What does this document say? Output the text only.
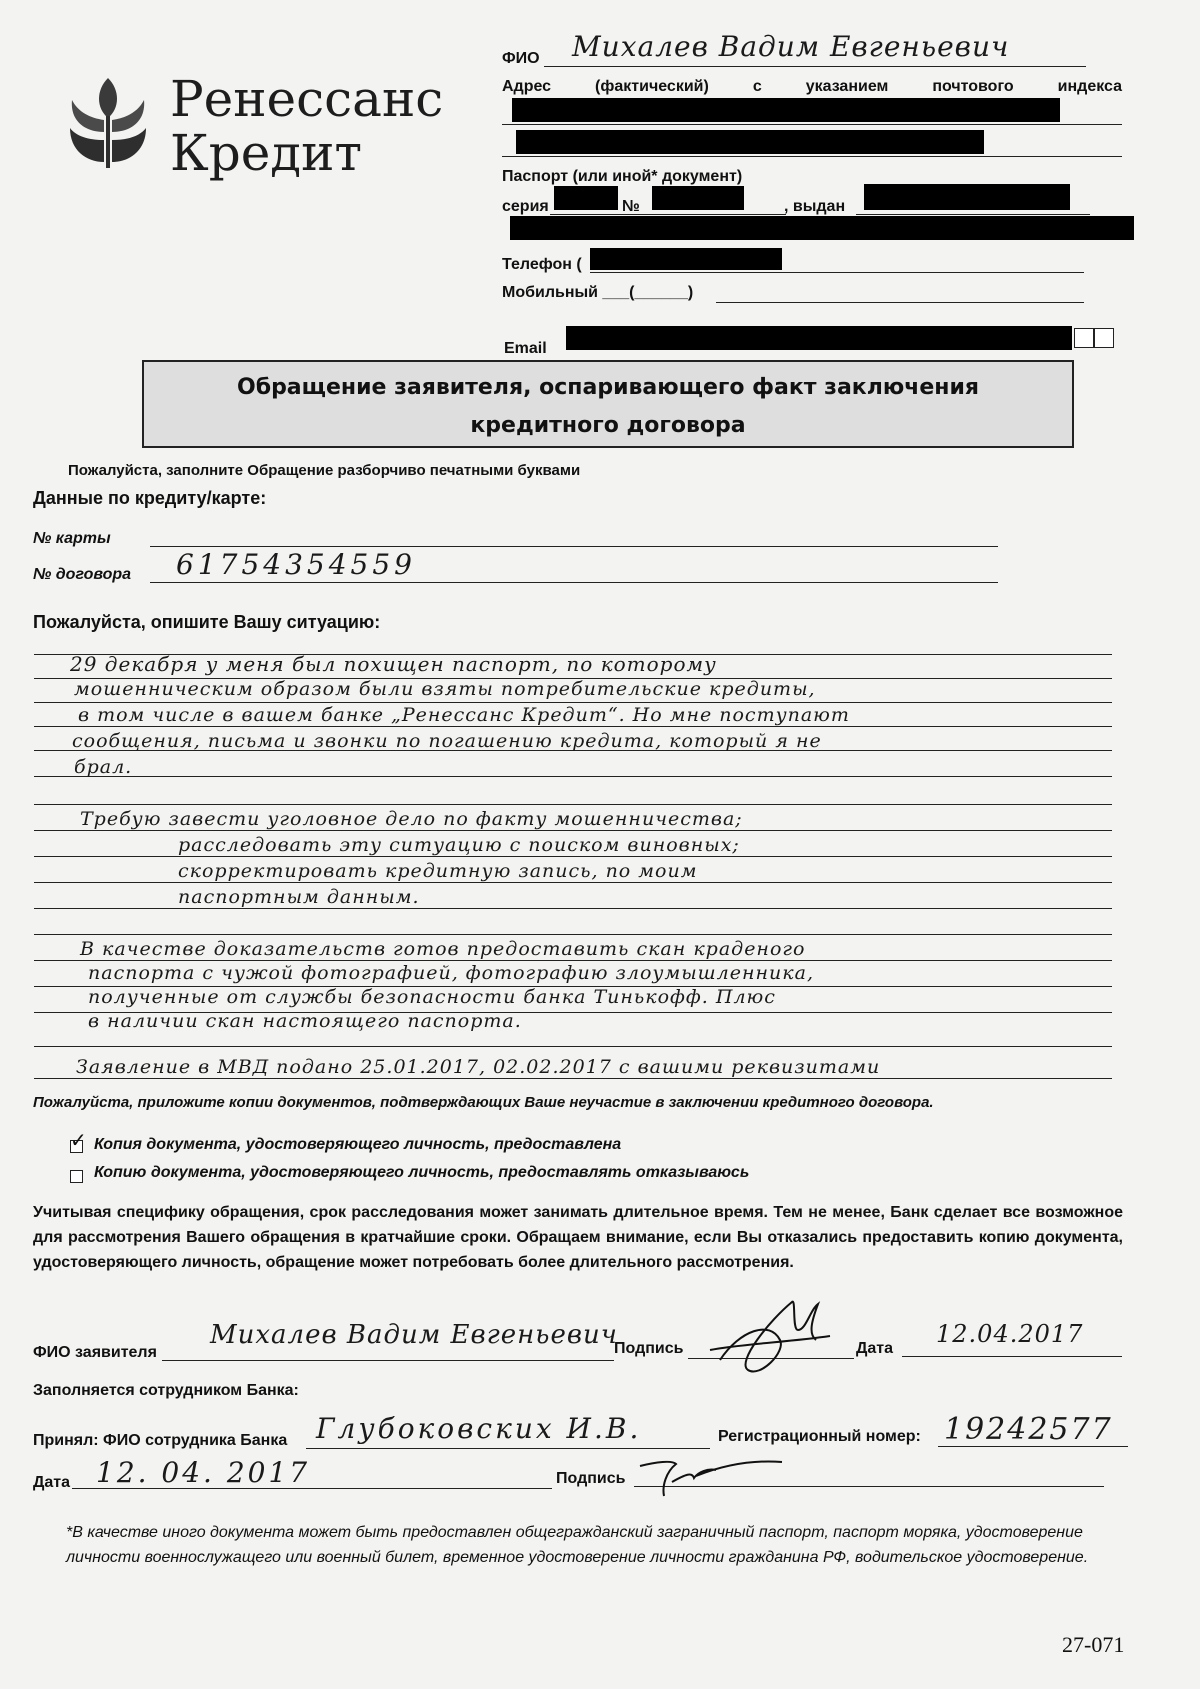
Ренессанс
Кредит
ФИО Михалев Вадим Евгеньевич
Адрес	(фактический)	с	указанием	почтового	индекса
Паспорт (или иной* документ)
серия	№	, выдан
Телефон (
Мобильный ___(______)
Email
Обращение заявителя, оспаривающего факт заключения
кредитного договора
Пожалуйста, заполните Обращение разборчиво печатными буквами
Данные по кредиту/карте:
№ карты
№ договора 61754354559
Пожалуйста, опишите Вашу ситуацию:
29 декабря у меня был похищен паспорт, по которому
мошенническим образом были взяты потребительские кредиты,
в том числе в вашем банке „Ренессанс Кредит“. Но мне поступают
сообщения, письма и звонки по погашению кредита, который я не
брал.
Требую завести уголовное дело по факту мошенничества;
расследовать эту ситуацию с поиском виновных;
скорректировать кредитную запись, по моим
паспортным данным.
В качестве доказательств готов предоставить скан краденого
паспорта с чужой фотографией, фотографию злоумышленника,
полученные от службы безопасности банка Тинькофф. Плюс
в наличии скан настоящего паспорта.
Заявление в МВД подано 25.01.2017, 02.02.2017 с вашими реквизитами
Пожалуйста, приложите копии документов, подтверждающих Ваше неучастие в заключении кредитного договора.
✓ Копия документа, удостоверяющего личность, предоставлена
Копию документа, удостоверяющего личность, предоставлять отказываюсь
Учитывая специфику обращения, срок расследования может занимать длительное время. Тем не менее, Банк сделает все возможное для рассмотрения Вашего обращения в кратчайшие сроки. Обращаем внимание, если Вы отказались предоставить копию документа, удостоверяющего личность, обращение может потребовать более длительного рассмотрения.
ФИО заявителя
Михалев Вадим Евгеньевич
Подпись	Дата
12.04.2017
Заполняется сотрудником Банка:
Принял: ФИО сотрудника Банка Глубоковских И.В.	Регистрационный номер: 19242577
Дата 12. 04. 2017	Подпись
*В качестве иного документа может быть предоставлен общегражданский заграничный паспорт, паспорт моряка, удостоверение личности военнослужащего или военный билет, временное удостоверение личности гражданина РФ, водительское удостоверение.
27-071
